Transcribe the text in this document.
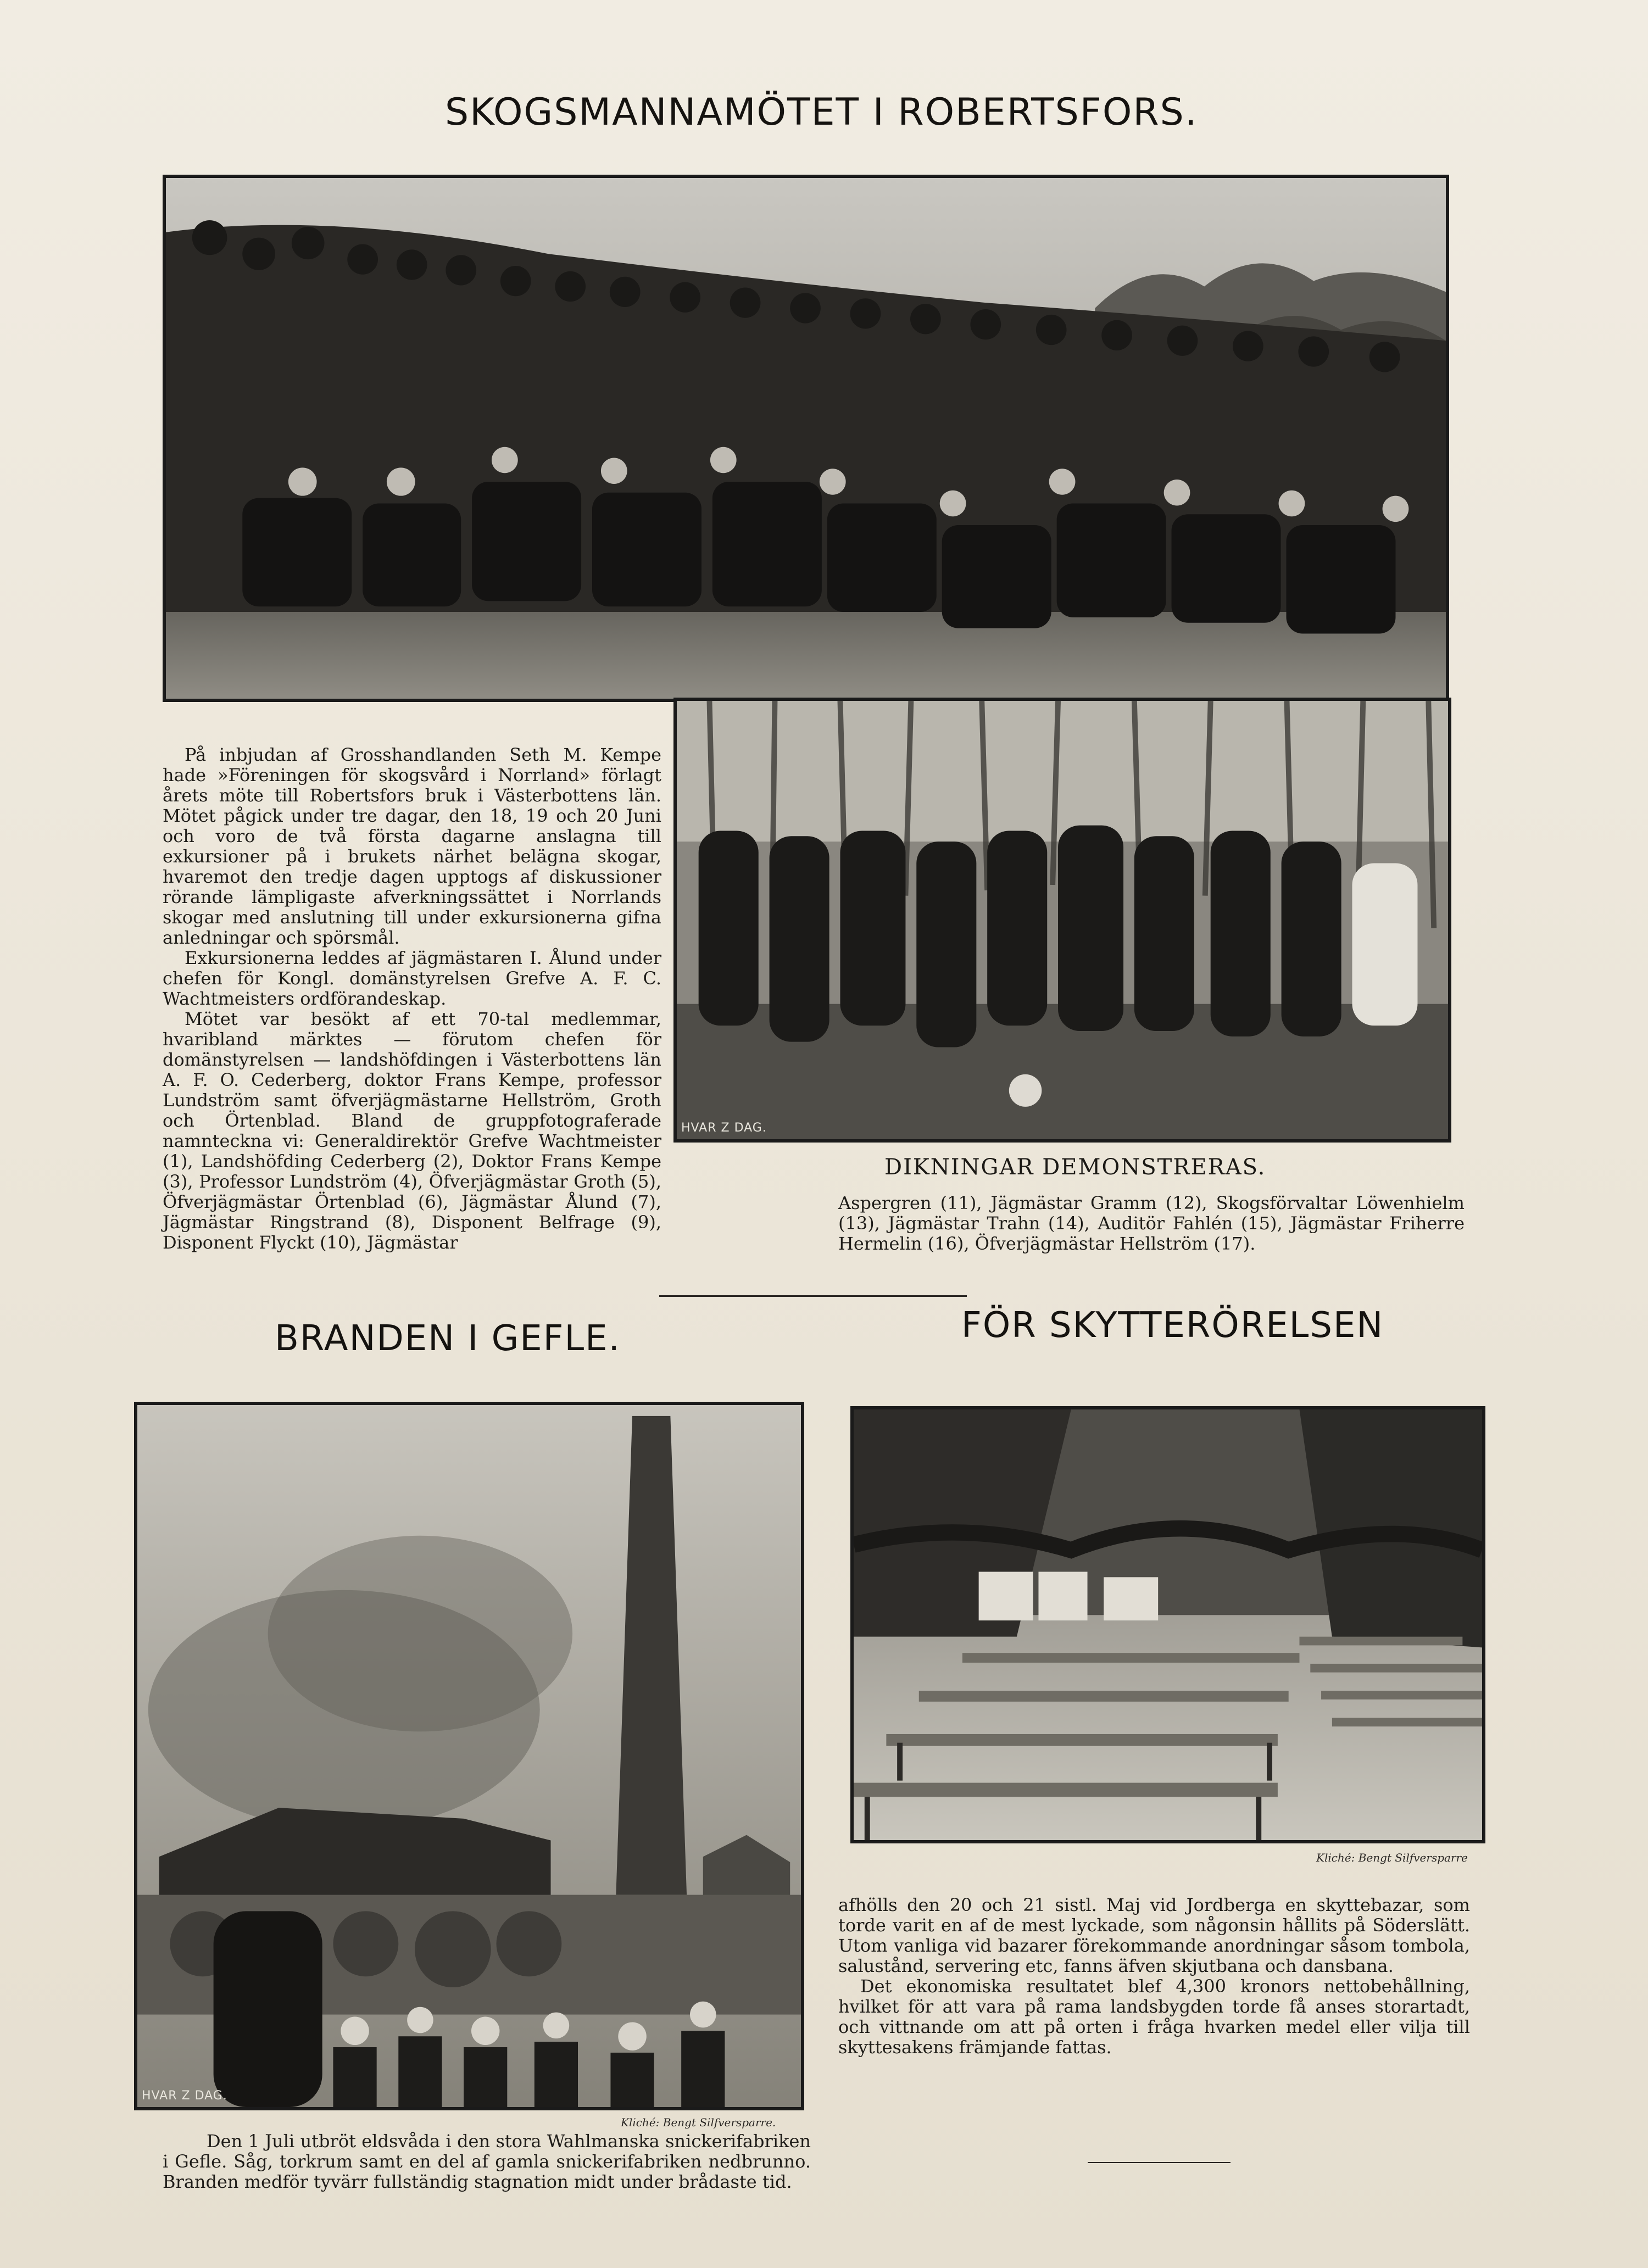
SKOGSMANNAMÖTET I ROBERTSFORS.
HVAR Z DAG.

På inbjudan af Grosshandlanden Seth M. Kempe hade »Föreningen för skogsvård i Norrland» förlagt årets möte till Robertsfors bruk i Västerbottens län. Mötet pågick under tre dagar, den 18, 19 och 20 Juni och voro de två första dagarne anslagna till exkursioner på i brukets närhet belägna skogar, hvaremot den tredje dagen upptogs af diskussioner rörande lämpligaste afverkningssättet i Norrlands skogar med anslutning till under exkursionerna gifna anledningar och spörsmål.

Exkursionerna leddes af jägmästaren I. Ålund under chefen för Kongl. domänstyrelsen Grefve A. F. C. Wachtmeisters ordförandeskap.

Mötet var besökt af ett 70-tal medlemmar, hvaribland märktes — förutom chefen för domänstyrelsen — landshöfdingen i Västerbottens län A. F. O. Cederberg, doktor Frans Kempe, professor Lundström samt öfverjägmästarne Hellström, Groth och Örtenblad. Bland de gruppfotograferade namnteckna vi: Generaldirektör Grefve Wachtmeister (1), Landshöfding Cederberg (2), Doktor Frans Kempe (3), Professor Lundström (4), Öfverjägmästar Groth (5), Öfverjägmästar Örtenblad (6), Jägmästar Ålund (7), Jägmästar Ringstrand (8), Disponent Belfrage (9), Disponent Flyckt (10), Jägmästar

DIKNINGAR DEMONSTRERAS.
Aspergren (11), Jägmästar Gramm (12), Skogsförvaltar Löwenhielm (13), Jägmästar Trahn (14), Auditör Fahlén (15), Jägmästar Friherre Hermelin (16), Öfverjägmästar Hellström (17).
BRANDEN I GEFLE.
HVAR Z DAG.
Kliché: Bengt Silfversparre.
Den 1 Juli utbröt eldsvåda i den stora Wahlmanska snickerifabriken i Gefle. Såg, torkrum samt en del af gamla snickerifabriken nedbrunno. Branden medför tyvärr fullständig stagnation midt under brådaste tid.
FÖR SKYTTERÖRELSEN
Kliché: Bengt Silfversparre

afhölls den 20 och 21 sistl. Maj vid Jordberga en skyttebazar, som torde varit en af de mest lyckade, som någonsin hållits på Söderslätt. Utom vanliga vid bazarer förekommande anordningar såsom tombola, salustånd, servering etc, fanns äfven skjutbana och dansbana.

Det ekonomiska resultatet blef 4,300 kronors nettobehållning, hvilket för att vara på rama landsbygden torde få anses storartadt, och vittnande om att på orten i fråga hvarken medel eller vilja till skyttesakens främjande fattas.
